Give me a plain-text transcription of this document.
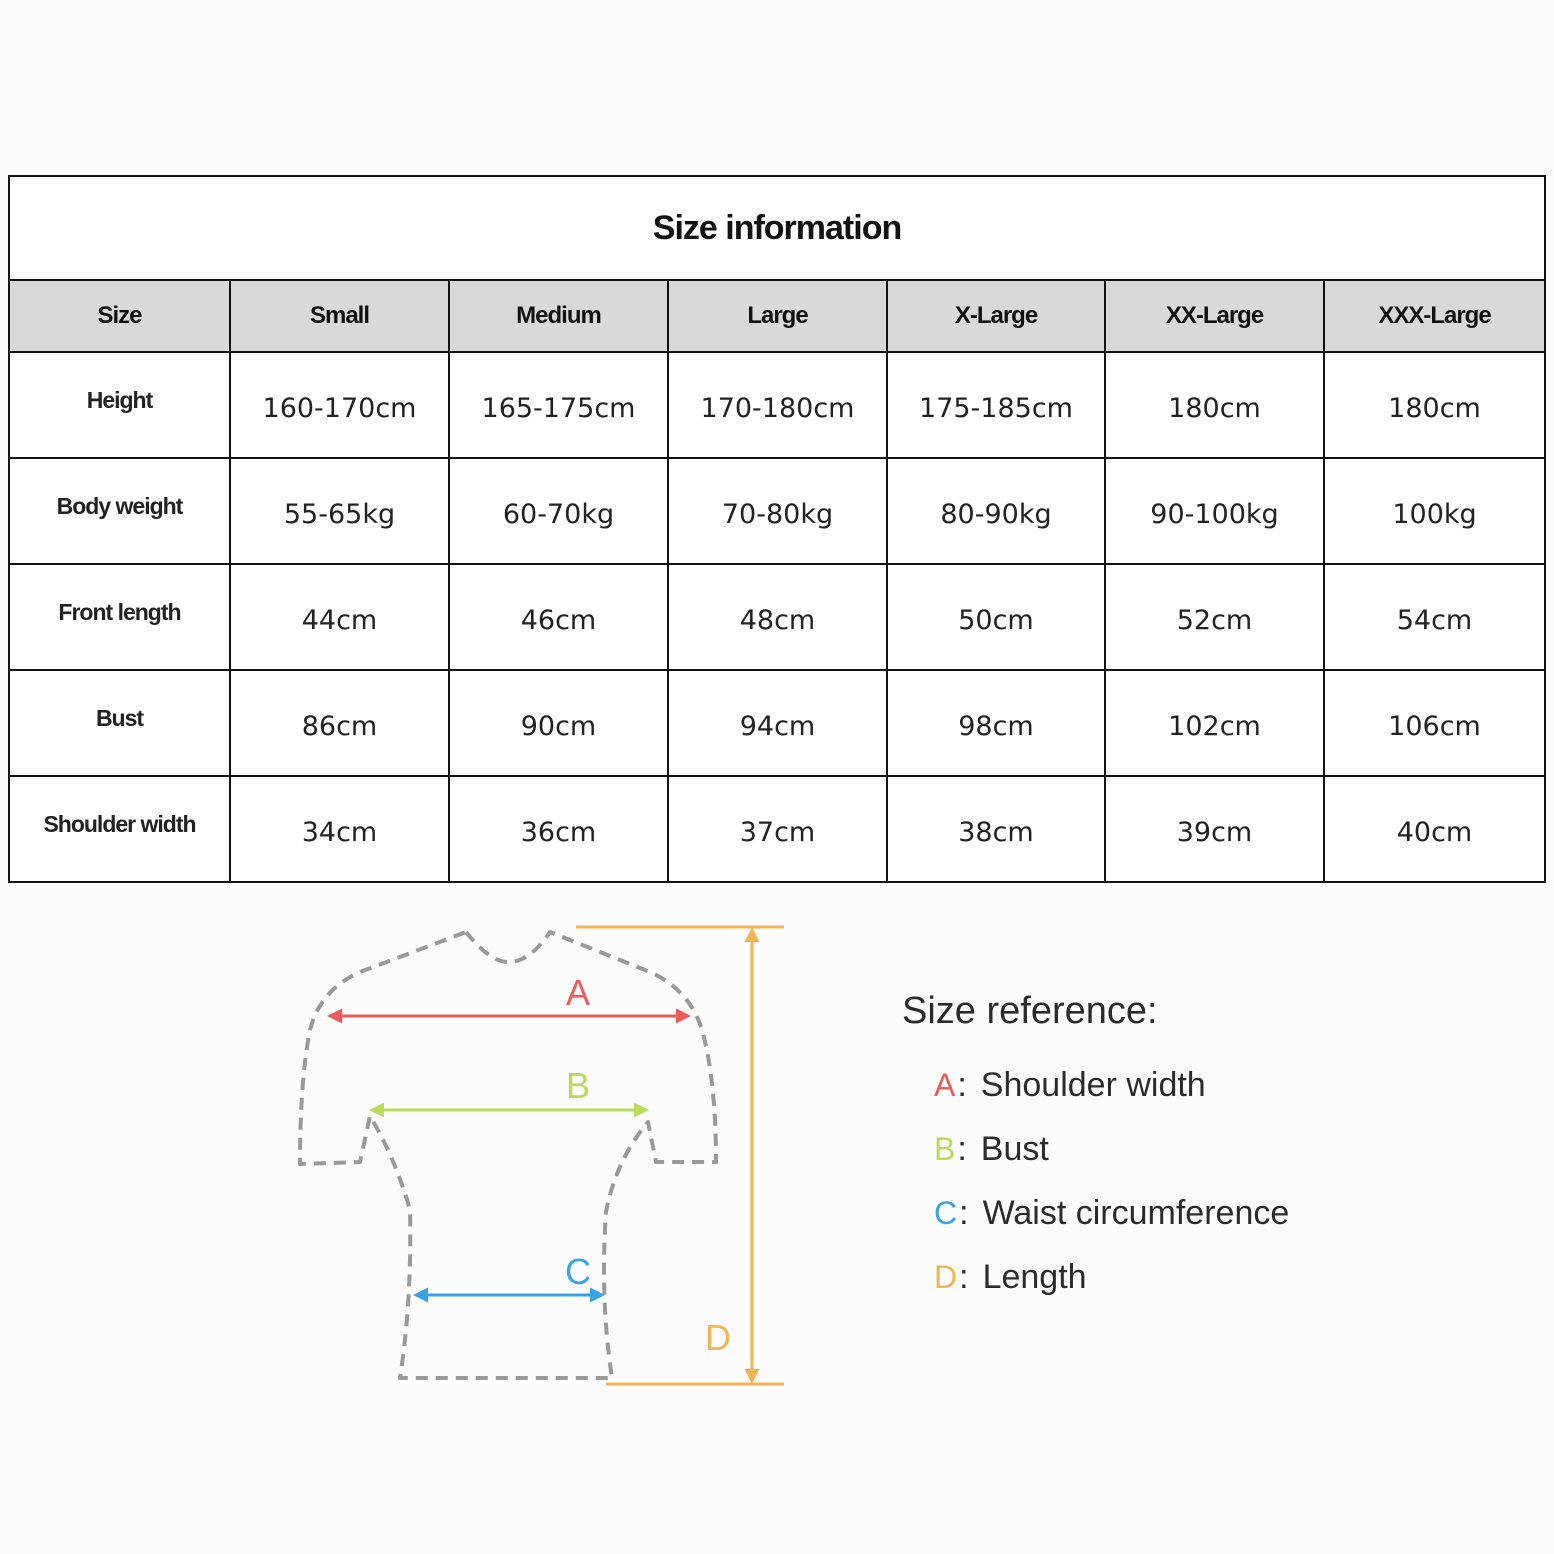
Size information						
Size	Small	Medium	Large	X-Large	XX-Large	XXX-Large
Height	160-170cm	165-175cm	170-180cm	175-185cm	180cm	180cm
Body weight	55-65kg	60-70kg	70-80kg	80-90kg	90-100kg	100kg
Front length	44cm	46cm	48cm	50cm	52cm	54cm
Bust	86cm	90cm	94cm	98cm	102cm	106cm
Shoulder width	34cm	36cm	37cm	38cm	39cm	40cm
A
B
C
D
Size reference:
A: Shoulder width
B: Bust
C: Waist circumference
D: Length
